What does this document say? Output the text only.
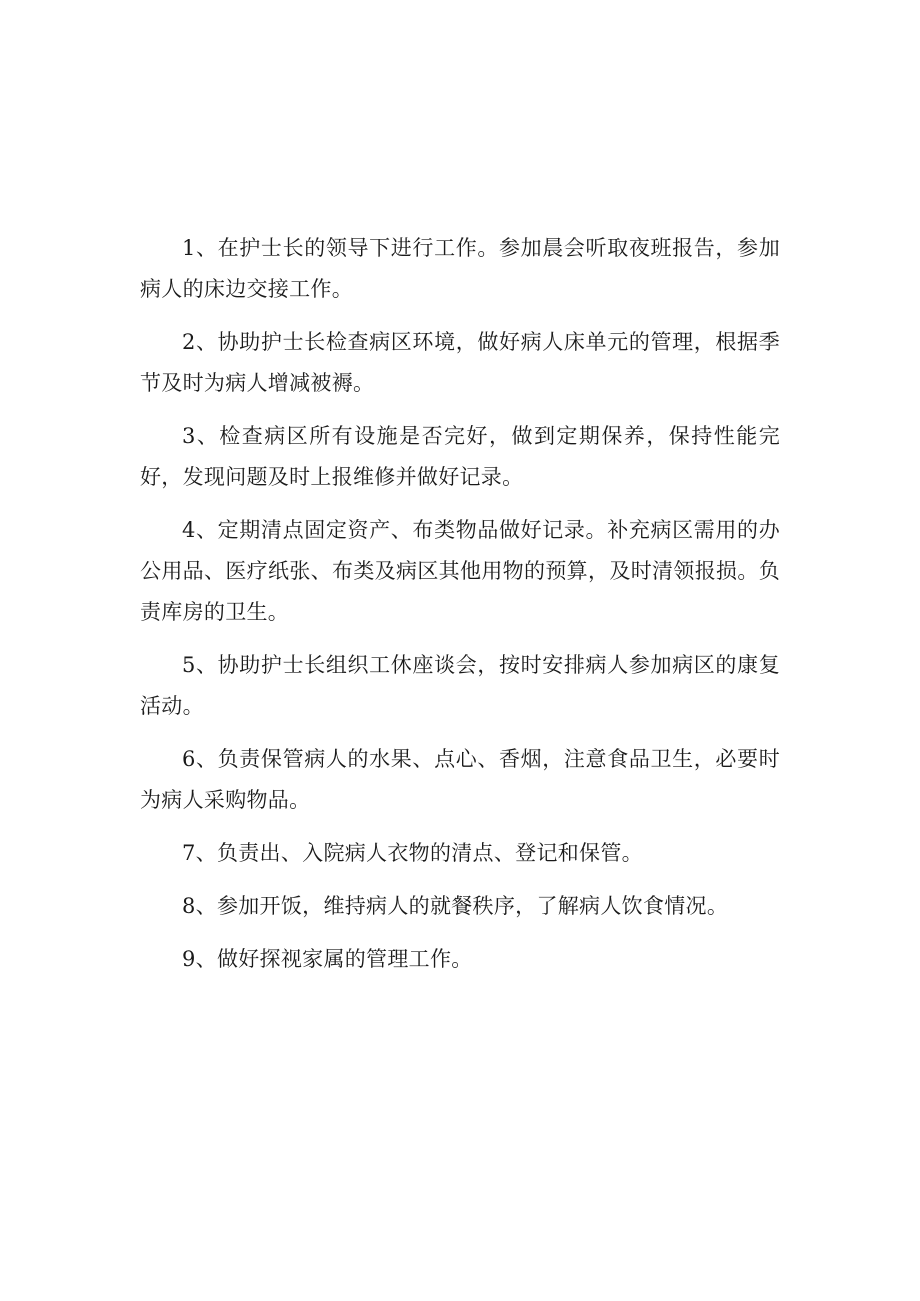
1、在护士长的领导下进行工作。参加晨会听取夜班报告，参加病人的床边交接工作。

2、协助护士长检查病区环境，做好病人床单元的管理，根据季节及时为病人增减被褥。

3、检查病区所有设施是否完好，做到定期保养，保持性能完好，发现问题及时上报维修并做好记录。

4、定期清点固定资产、布类物品做好记录。补充病区需用的办公用品、医疗纸张、布类及病区其他用物的预算，及时清领报损。负责库房的卫生。

5、协助护士长组织工休座谈会，按时安排病人参加病区的康复活动。

6、负责保管病人的水果、点心、香烟，注意食品卫生，必要时为病人采购物品。

7、负责出、入院病人衣物的清点、登记和保管。

8、参加开饭，维持病人的就餐秩序，了解病人饮食情况。

9、做好探视家属的管理工作。
